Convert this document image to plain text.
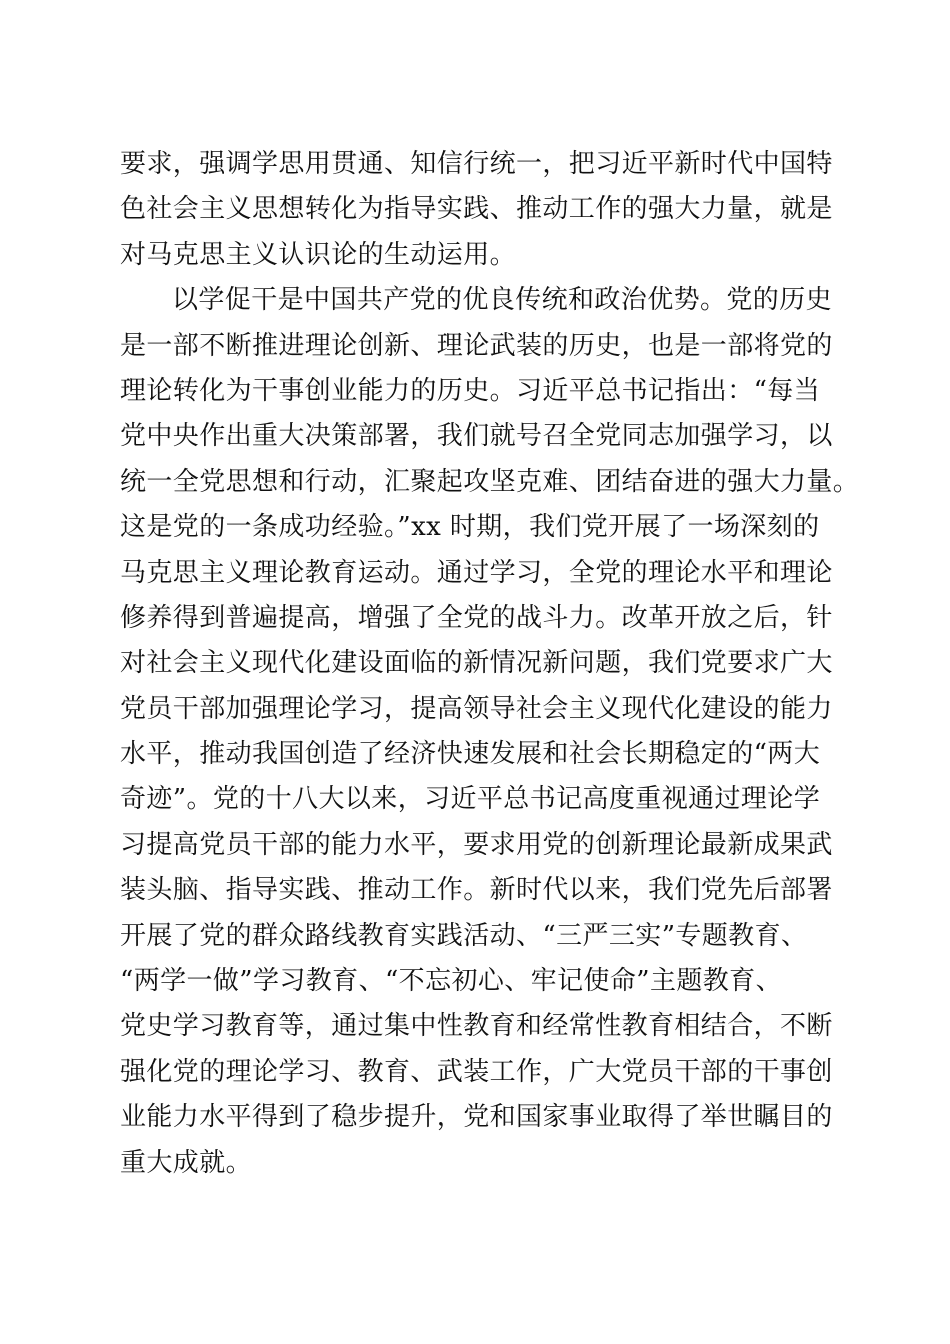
要求，强调学思用贯通、知信行统一，把习近平新时代中国特
色社会主义思想转化为指导实践、推动工作的强大力量，就是
对马克思主义认识论的生动运用。
以学促干是中国共产党的优良传统和政治优势。党的历史
是一部不断推进理论创新、理论武装的历史，也是一部将党的
理论转化为干事创业能力的历史。习近平总书记指出：“每当
党中央作出重大决策部署，我们就号召全党同志加强学习，以
统一全党思想和行动，汇聚起攻坚克难、团结奋进的强大力量。
这是党的一条成功经验。”xx 时期，我们党开展了一场深刻的
马克思主义理论教育运动。通过学习，全党的理论水平和理论
修养得到普遍提高，增强了全党的战斗力。改革开放之后，针
对社会主义现代化建设面临的新情况新问题，我们党要求广大
党员干部加强理论学习，提高领导社会主义现代化建设的能力
水平，推动我国创造了经济快速发展和社会长期稳定的“两大
奇迹”。党的十八大以来，习近平总书记高度重视通过理论学
习提高党员干部的能力水平，要求用党的创新理论最新成果武
装头脑、指导实践、推动工作。新时代以来，我们党先后部署
开展了党的群众路线教育实践活动、“三严三实”专题教育、
“两学一做”学习教育、“不忘初心、牢记使命”主题教育、
党史学习教育等，通过集中性教育和经常性教育相结合，不断
强化党的理论学习、教育、武装工作，广大党员干部的干事创
业能力水平得到了稳步提升，党和国家事业取得了举世瞩目的
重大成就。
